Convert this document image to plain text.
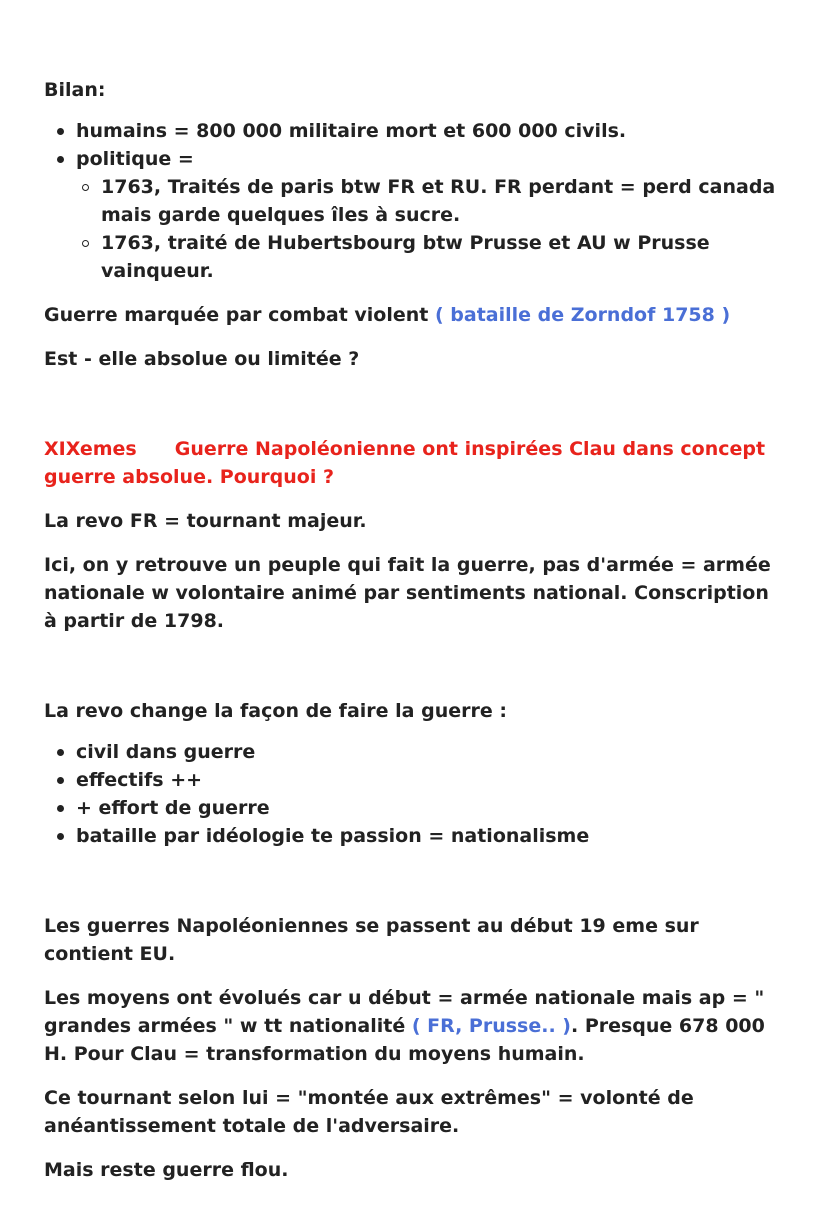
Bilan:

humains = 800 000 militaire mort et 600 000 civils.
politique =
1763, Traités de paris btw FR et RU. FR perdant = perd canada mais garde quelques îles à sucre.
1763, traité de Hubertsbourg btw Prusse et AU w Prusse vainqueur.

Guerre marquée par combat violent ( bataille de Zorndof 1758 )

Est - elle absolue ou limitée ?

XIXemes Guerre Napoléonienne ont inspirées Clau dans concept guerre absolue. Pourquoi ?

La revo FR = tournant majeur.

Ici, on y retrouve un peuple qui fait la guerre, pas d'armée = armée nationale w volontaire animé par sentiments national. Conscription à partir de 1798.

La revo change la façon de faire la guerre :

civil dans guerre
effectifs ++
+ effort de guerre
bataille par idéologie te passion = nationalisme

Les guerres Napoléoniennes se passent au début 19 eme sur contient EU.

Les moyens ont évolués car u début = armée nationale mais ap = " grandes armées " w tt nationalité ( FR, Prusse.. ). Presque 678 000 H. Pour Clau = transformation du moyens humain.

Ce tournant selon lui = "montée aux extrêmes" = volonté de anéantissement totale de l'adversaire.

Mais reste guerre flou.
